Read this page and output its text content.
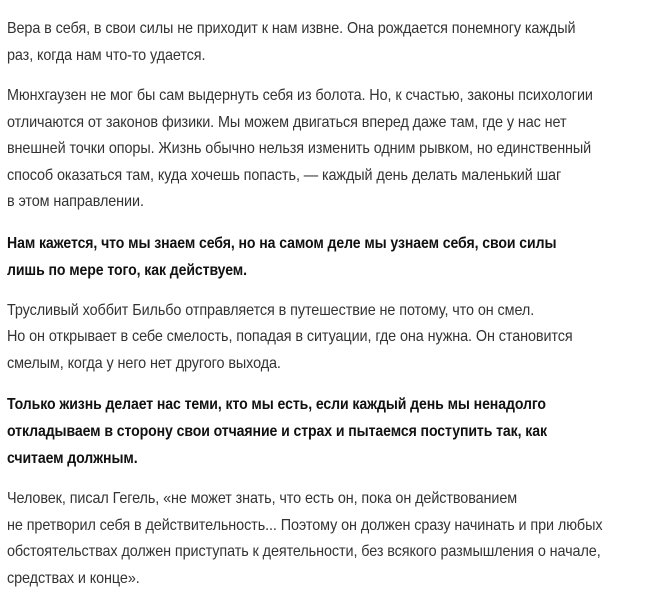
Вера в себя, в свои силы не приходит к нам извне. Она рождается понемногу каждый
раз, когда нам что-то удается.

Мюнхгаузен не мог бы сам выдернуть себя из болота. Но, к счастью, законы психологии
отличаются от законов физики. Мы можем двигаться вперед даже там, где у нас нет
внешней точки опоры. Жизнь обычно нельзя изменить одним рывком, но единственный
способ оказаться там, куда хочешь попасть, — каждый день делать маленький шаг
в этом направлении.

Нам кажется, что мы знаем себя, но на самом деле мы узнаем себя, свои силы
лишь по мере того, как действуем.

Трусливый хоббит Бильбо отправляется в путешествие не потому, что он смел.
Но он открывает в себе смелость, попадая в ситуации, где она нужна. Он становится
смелым, когда у него нет другого выхода.

Только жизнь делает нас теми, кто мы есть, если каждый день мы ненадолго
откладываем в сторону свои отчаяние и страх и пытаемся поступить так, как
считаем должным.

Человек, писал Гегель, «не может знать, что есть он, пока он действованием
не претворил себя в действительность... Поэтому он должен сразу начинать и при любых
обстоятельствах должен приступать к деятельности, без всякого размышления о начале,
средствах и конце».
